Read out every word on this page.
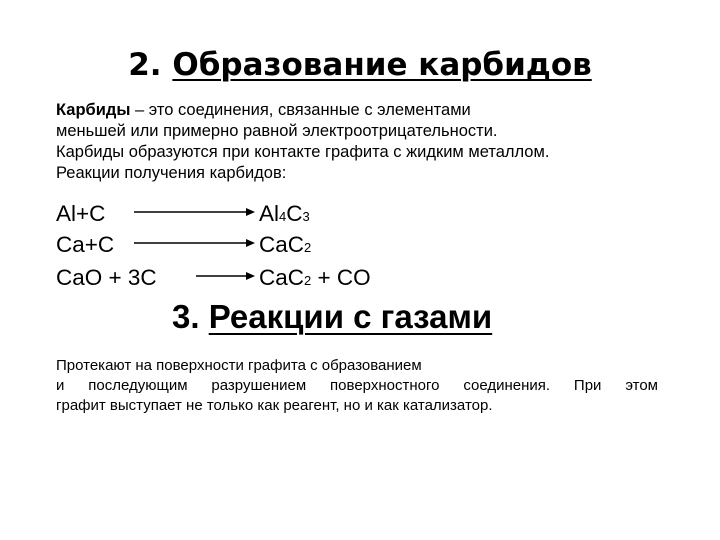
2. Образование карбидов
Карбиды – это соединения, связанные с элементами
меньшей или примерно равной электроотрицательности.
Карбиды образуются при контакте графита с жидким металлом.
Реакции получения карбидов:
Al+C	Al4C3
Ca+C	CaC2
CaO + 3C → CaC2 + CO
3. Реакции с газами
Протекают на поверхности графита с образованием
и последующим разрушением поверхностного соединения. При этом
графит выступает не только как реагент, но и как катализатор.
